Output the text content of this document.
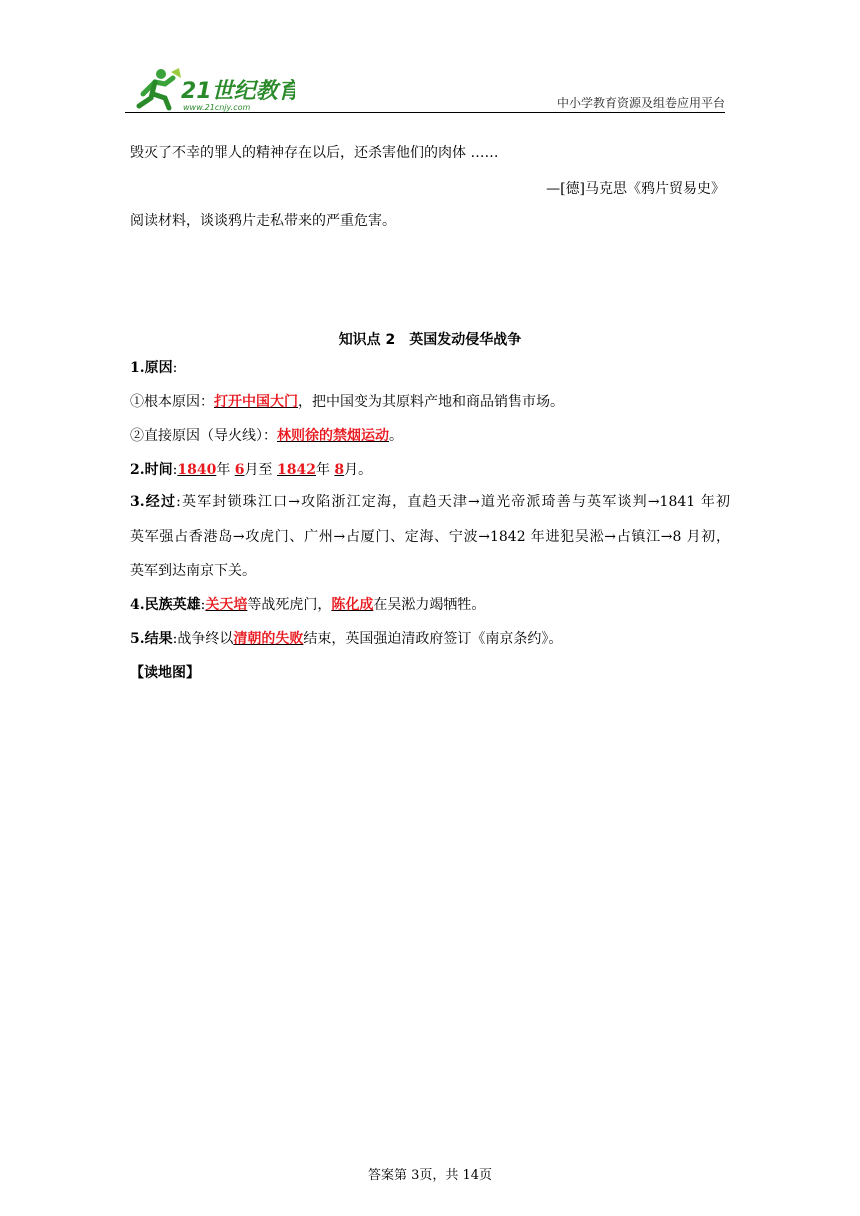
21世纪教育
www.21cnjy.com	中小学教育资源及组卷应用平台
毁灭了不幸的罪人的精神存在以后，还杀害他们的肉体 ……
—[德]马克思《鸦片贸易史》
阅读材料，谈谈鸦片走私带来的严重危害。
知识点 2　英国发动侵华战争
1.原因:
①根本原因：打开中国大门，把中国变为其原料产地和商品销售市场。
②直接原因（导火线）：林则徐的禁烟运动。
2.时间:1840年 6月至 1842年 8月。
3.经过:英军封锁珠江口→攻陷浙江定海，直趋天津→道光帝派琦善与英军谈判→1841 年初
英军强占香港岛→攻虎门、广州→占厦门、定海、宁波→1842 年进犯吴淞→占镇江→8 月初，
英军到达南京下关。
4.民族英雄:关天培等战死虎门，陈化成在吴淞力竭牺牲。
5.结果:战争终以清朝的失败结束，英国强迫清政府签订《南京条约》。
【读地图】
答案第 3页，共 14页
